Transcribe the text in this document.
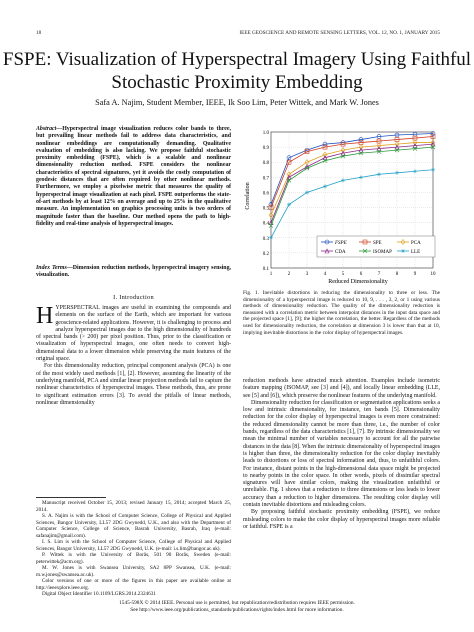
18	IEEE GEOSCIENCE AND REMOTE SENSING LETTERS, VOL. 12, NO. 1, JANUARY 2015
FSPE: Visualization of Hyperspectral Imagery Using Faithful Stochastic Proximity Embedding
Safa A. Najim, Student Member, IEEE, Ik Soo Lim, Peter Wittek, and Mark W. Jones
Abstract—Hyperspectral image visualization reduces color bands to three, but prevailing linear methods fail to address data characteristics, and nonlinear embeddings are computationally demanding. Qualitative evaluation of embedding is also lacking. We propose faithful stochastic proximity embedding (FSPE), which is a scalable and nonlinear dimensionality reduction method. FSPE considers the nonlinear characteristics of spectral signatures, yet it avoids the costly computation of geodesic distances that are often required by other nonlinear methods. Furthermore, we employ a pixelwise metric that measures the quality of hyperspectral image visualization at each pixel. FSPE outperforms the state-of-art methods by at least 12% on average and up to 25% in the qualitative measure. An implementation on graphics processing units is two orders of magnitude faster than the baseline. Our method opens the path to high-fidelity and real-time analysis of hyperspectral images.
Index Terms—Dimension reduction methods, hyperspectral imagery sensing, visualization.
I. Introduction
H YPERSPECTRAL images are useful in examining the compounds and elements on the surface of the Earth, which are important for various geoscience-related applications. However, it is challenging to process and analyze hyperspectral images due to the high dimensionality of hundreds of spectral bands (> 200) per pixel position. Thus, prior to the classification or visualization of hyperspectral images, one often needs to convert high-dimensional data to a lower dimension while preserving the main features of the original space.

For this dimensionality reduction, principal component analysis (PCA) is one of the most widely used methods [1], [2]. However, assuming the linearity of the underlying manifold, PCA and similar linear projection methods fail to capture the nonlinear characteristics of hyperspectral images. These methods, thus, are prone to significant estimation errors [3]. To avoid the pitfalls of linear methods, nonlinear dimensionality

Manuscript received October 15, 2013; revised January 15, 2014; accepted March 25, 2014.

S. A. Najim is with the School of Computer Science, College of Physical and Applied Sciences, Bangor University, LL57 2DG Gwynedd, U.K., and also with the Department of Computer Science, College of Science, Basrah University, Basrah, Iraq (e-mail: safanajim@gmail.com).

I. S. Lim is with the School of Computer Science, College of Physical and Applied Sciences, Bangor University, LL57 2DG Gwynedd, U.K. (e-mail: i.s.lim@bangor.ac.uk).

P. Wittek is with the University of Borås, 501 90 Borås, Sweden (e-mail: peterwittek@acm.org).

M. W. Jones is with Swansea University, SA2 8PP Swansea, U.K. (e-mail: m.w.jones@swansea.ac.uk).

Color versions of one or more of the figures in this paper are available online at http://ieeexplore.ieee.org.

Digital Object Identifier 10.1109/LGRS.2014.2324631

0.1
0.2
0.3
0.4
0.5
0.6
0.7
0.8
0.9
1.0
1	2	3	4	5	6	7	8	9	10
FSPE	SPE	PCA
CDA	ISOMAP	LLE
Reduced Dimensionality
Correlation
Fig. 1. Inevitable distortions in reducing the dimensionality to three or less. The dimensionality of a hyperspectral image is reduced to 10, 9, . . . , 3, 2, or 1 using various methods of dimensionality reduction. The quality of the dimensionality reduction is measured with a correlation metric between interpoint distances in the input data space and the projected space [1], [9]; the higher the correlation, the better. Regardless of the methods used for dimensionality reduction, the correlation at dimension 3 is lower than that at 10, implying inevitable distortions in the color display of hyperspectral images.

reduction methods have attracted much attention. Examples include isometric feature mapping (ISOMAP, see [3] and [4]), and locally linear embedding (LLE, see [5] and [6]), which preserve the nonlinear features of the underlying manifold.

Dimensionality reduction for classification or segmentation applications seeks a low and intrinsic dimensionality, for instance, ten bands [5]. Dimensionality reduction for the color display of hyperspectral images is even more constrained: the reduced dimensionality cannot be more than three, i.e., the number of color bands, regardless of the data characteristics [1], [7]. By intrinsic dimensionality we mean the minimal number of variables necessary to account for all the pairwise distances in the data [8]. When the intrinsic dimensionality of hyperspectral images is higher than three, the dimensionality reduction for the color display inevitably leads to distortions or loss of spectral information and, thus, to unfaithful colors. For instance, distant points in the high-dimensional data space might be projected to nearby points in the color space. In other words, pixels of dissimilar spectral signatures will have similar colors, making the visualization unfaithful or unreliable. Fig. 1 shows that a reduction to three dimensions or less leads to lower accuracy than a reduction to higher dimensions. The resulting color display will contain inevitable distortions and misleading colors.

By proposing faithful stochastic proximity embedding (FSPE), we reduce misleading colors to make the color display of hyperspectral images more reliable or faithful. FSPE is a

1545-598X © 2014 IEEE. Personal use is permitted, but republication/redistribution requires IEEE permission.
See http://www.ieee.org/publications_standards/publications/rights/index.html for more information.
